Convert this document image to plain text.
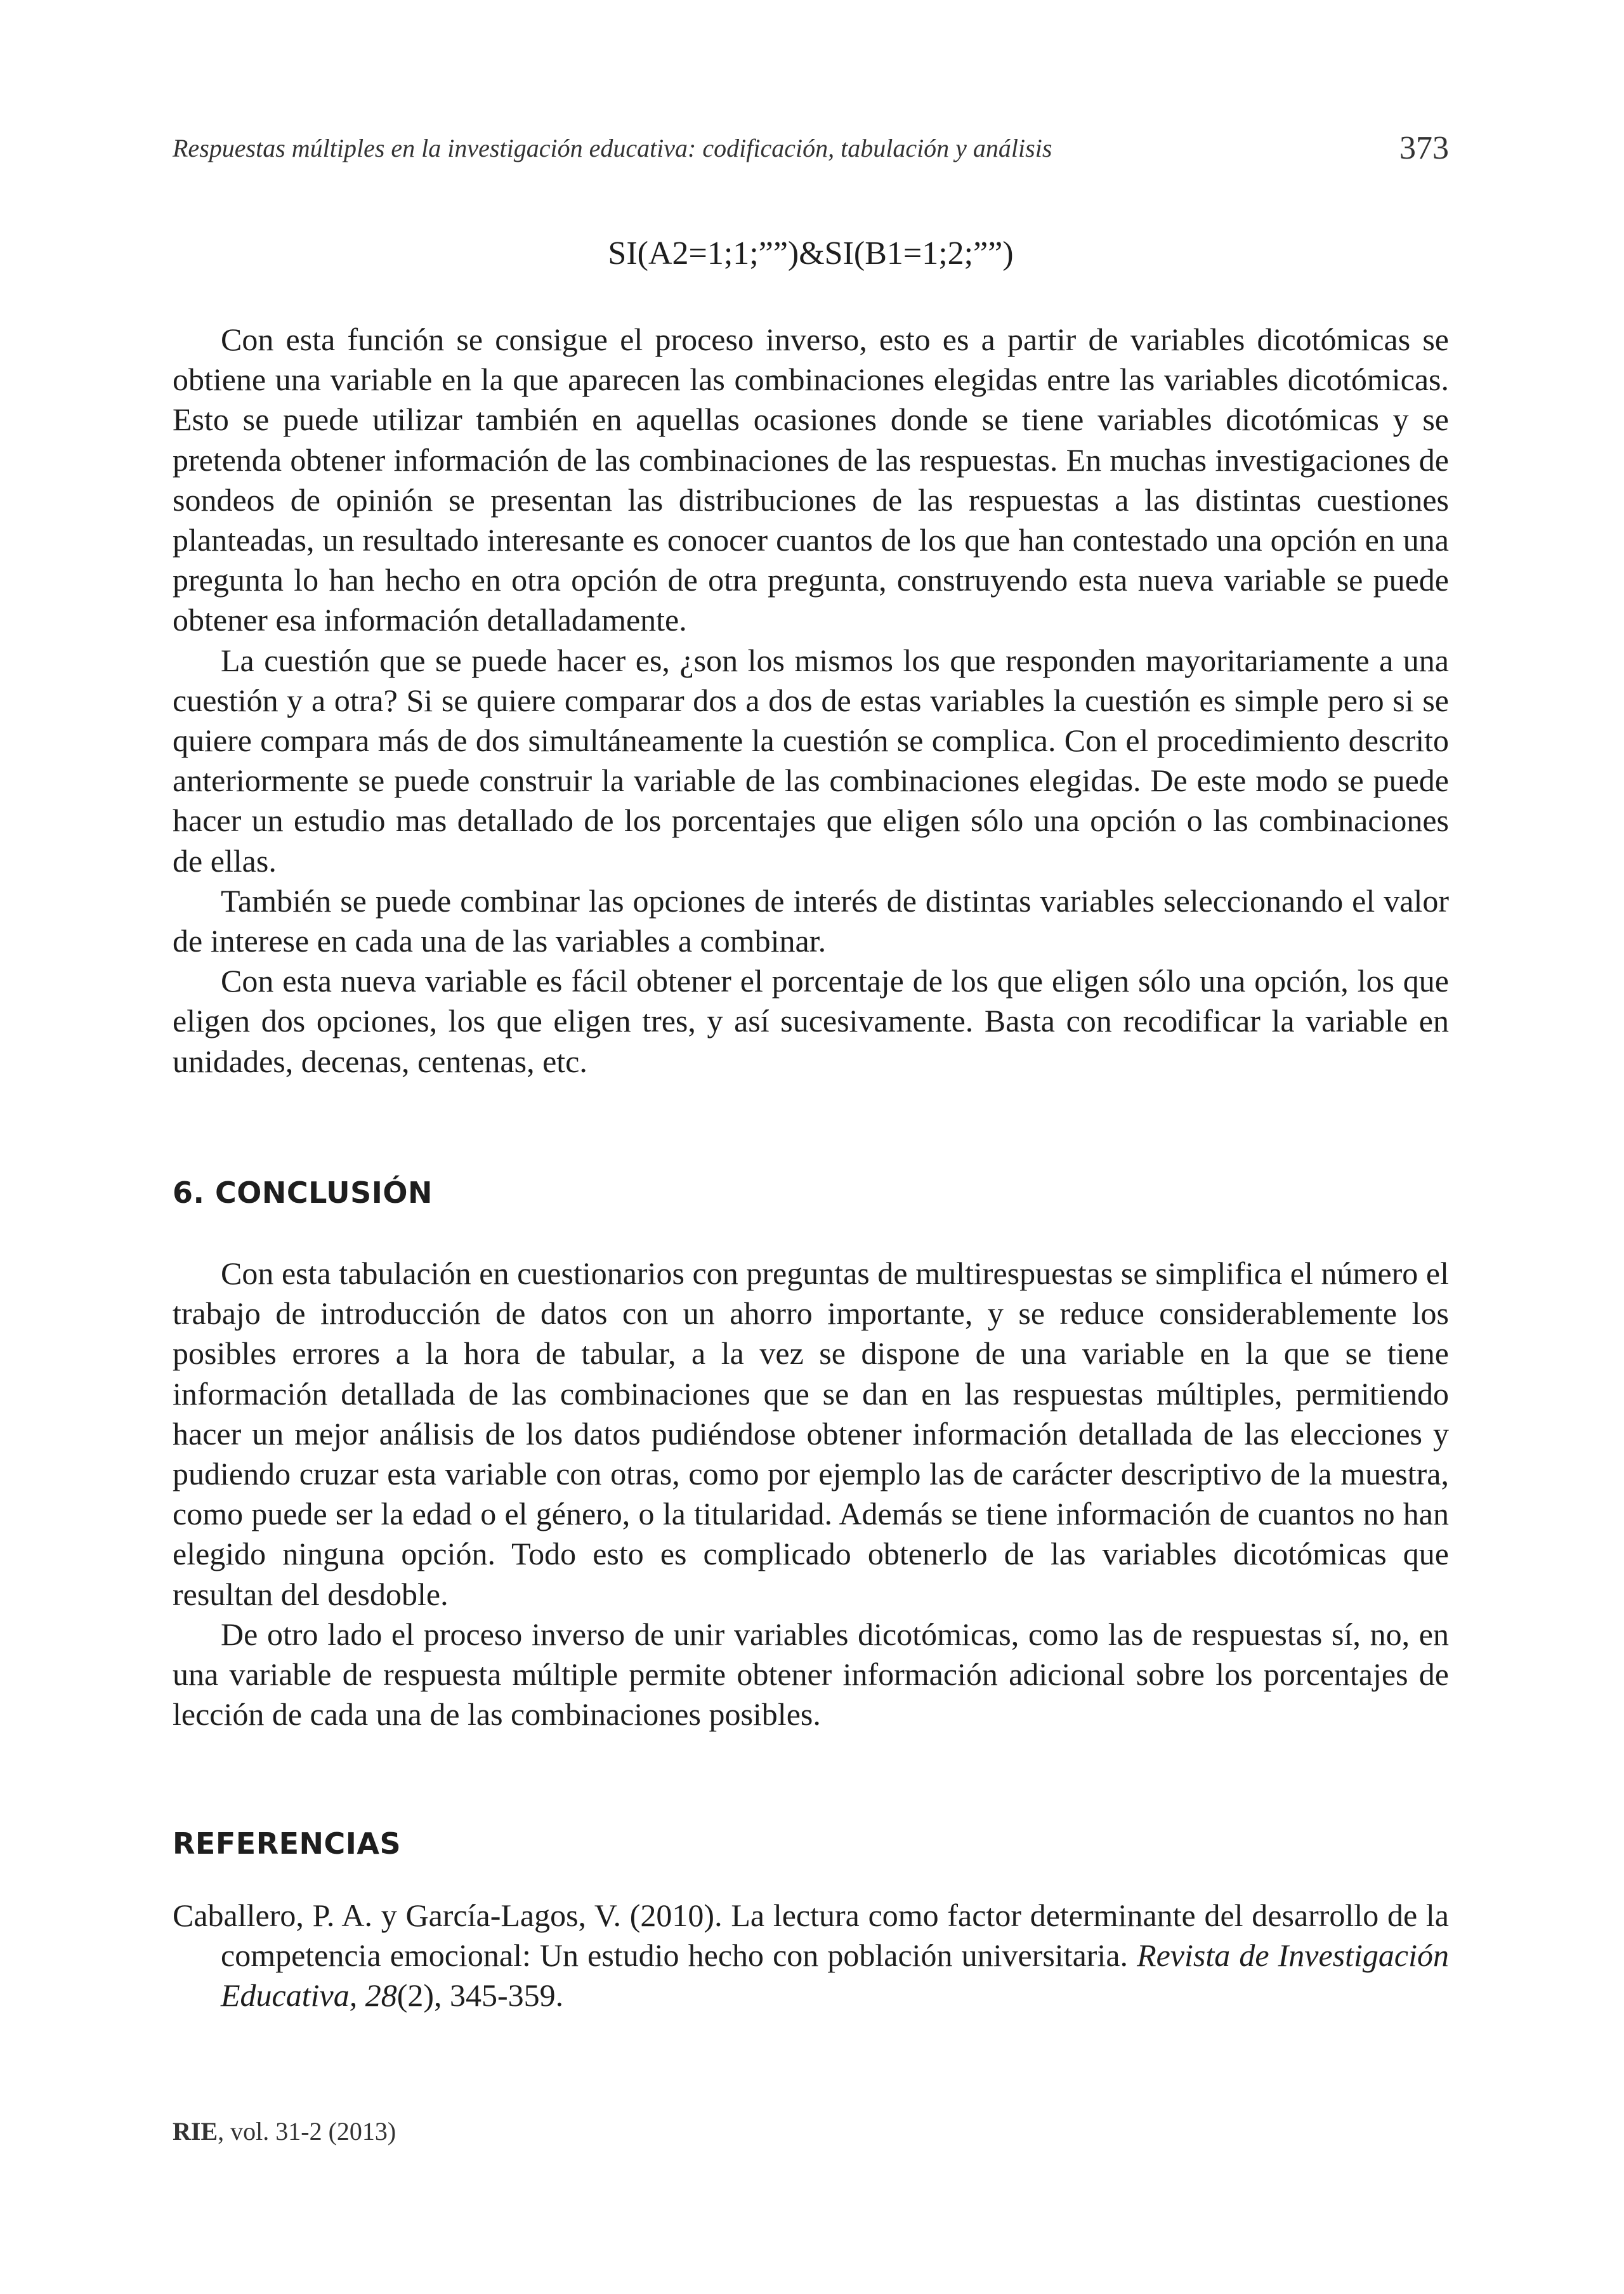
Respuestas múltiples en la investigación educativa: codificación, tabulación y análisis	373
SI(A2=1;1;””)&SI(B1=1;2;””)

Con esta función se consigue el proceso inverso, esto es a partir de variables dicotómicas se obtiene una variable en la que aparecen las combinaciones elegidas entre las variables dicotómicas. Esto se puede utilizar también en aquellas ocasiones donde se tiene variables dicotómicas y se pretenda obtener información de las combinaciones de las respuestas. En muchas investigaciones de sondeos de opinión se presentan las distribuciones de las respuestas a las distintas cuestiones planteadas, un resultado interesante es conocer cuantos de los que han contestado una opción en una pregunta lo han hecho en otra opción de otra pregunta, construyendo esta nueva variable se puede obtener esa información detalladamente.

La cuestión que se puede hacer es, ¿son los mismos los que responden mayoritariamente a una cuestión y a otra? Si se quiere comparar dos a dos de estas variables la cuestión es simple pero si se quiere compara más de dos simultáneamente la cuestión se complica. Con el procedimiento descrito anteriormente se puede construir la variable de las combinaciones elegidas. De este modo se puede hacer un estudio mas detallado de los porcentajes que eligen sólo una opción o las combinaciones de ellas.

También se puede combinar las opciones de interés de distintas variables seleccionando el valor de interese en cada una de las variables a combinar.

Con esta nueva variable es fácil obtener el porcentaje de los que eligen sólo una opción, los que eligen dos opciones, los que eligen tres, y así sucesivamente. Basta con recodificar la variable en unidades, decenas, centenas, etc.

6. CONCLUSIÓN

Con esta tabulación en cuestionarios con preguntas de multirespuestas se simplifica el número el trabajo de introducción de datos con un ahorro importante, y se reduce considerablemente los posibles errores a la hora de tabular, a la vez se dispone de una variable en la que se tiene información detallada de las combinaciones que se dan en las respuestas múltiples, permitiendo hacer un mejor análisis de los datos pudiéndose obtener información detallada de las elecciones y pudiendo cruzar esta variable con otras, como por ejemplo las de carácter descriptivo de la muestra, como puede ser la edad o el género, o la titularidad. Además se tiene información de cuantos no han elegido ninguna opción. Todo esto es complicado obtenerlo de las variables dicotómicas que resultan del desdoble.

De otro lado el proceso inverso de unir variables dicotómicas, como las de respuestas sí, no, en una variable de respuesta múltiple permite obtener información adicional sobre los porcentajes de lección de cada una de las combinaciones posibles.

REFERENCIAS
Caballero, P. A. y García-Lagos, V. (2010). La lectura como factor determinante del desarrollo de la competencia emocional: Un estudio hecho con población universitaria. Revista de Investigación Educativa, 28(2), 345-359.
RIE, vol. 31-2 (2013)
